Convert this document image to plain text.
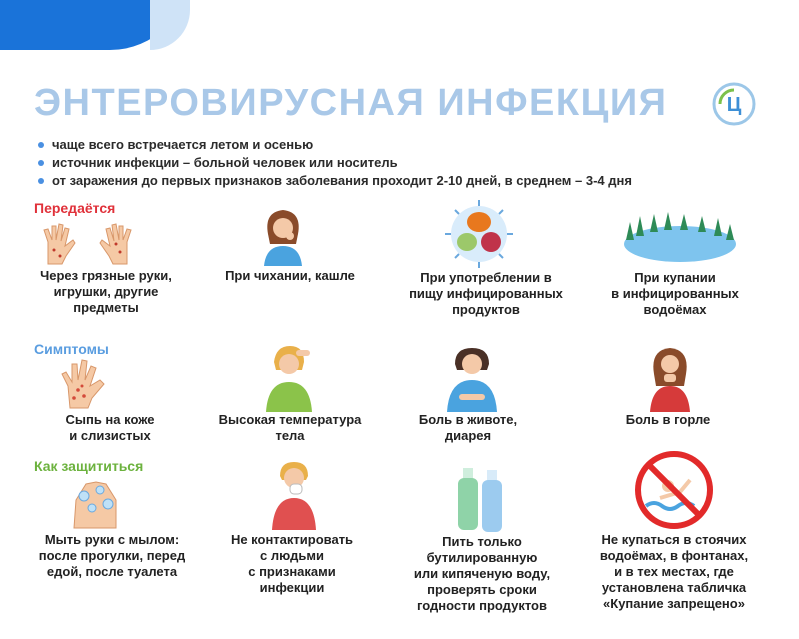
ЭНТЕРОВИРУСНАЯ ИНФЕКЦИЯ	Ц
чаще всего встречается летом и осенью
источник инфекции – больной человек или носитель
от заражения до первых признаков заболевания проходит 2-10 дней, в среднем – 3-4 дня
Передаётся
Симптомы
Как защититься
Через грязные руки,
игрушки, другие
предметы
При чихании, кашле	При употреблении в
пищу инфицированных
продуктов
При купании
в инфицированных
водоёмах
Сыпь на коже
и слизистых
Высокая температура
тела
Боль в животе,
диарея
Боль в горле
Мыть руки с мылом:
после прогулки, перед
едой, после туалета
Не контактировать
с людьми
с признаками
инфекции
Пить только
бутилированную
или кипяченую воду,
проверять сроки
годности продуктов
Не купаться в стоячих
водоёмах, в фонтанах,
и в тех местах, где
установлена табличка
«Купание запрещено»
